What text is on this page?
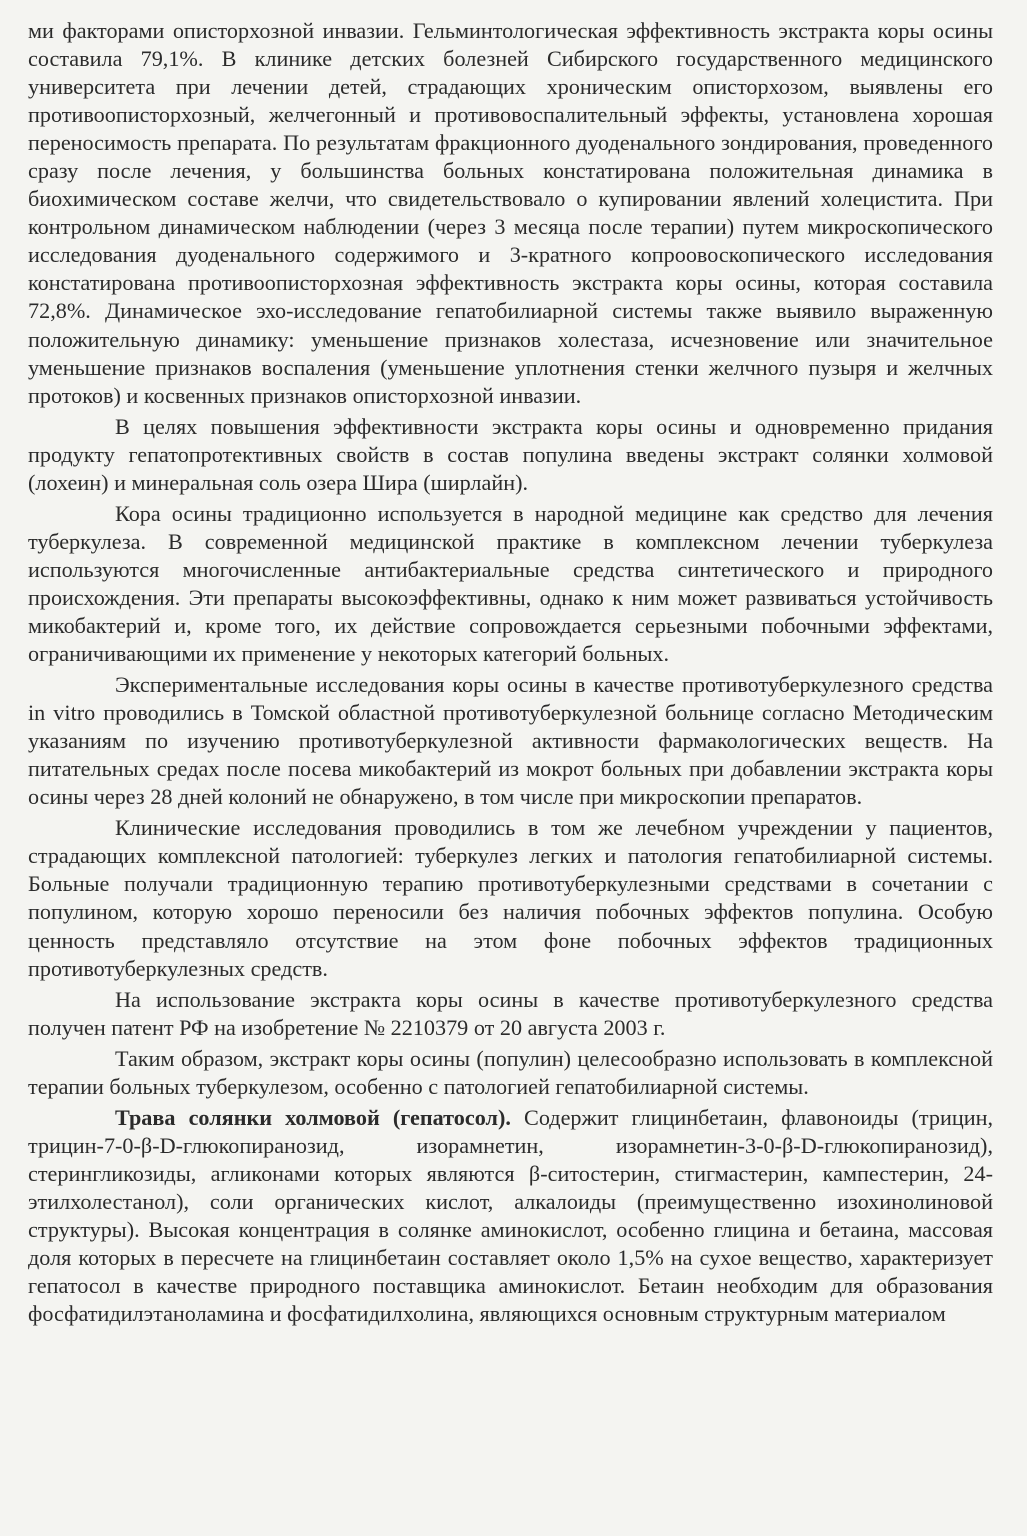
ми факторами описторхозной инвазии. Гельминтологическая эффективность экстракта коры осины составила 79,1%. В клинике детских болезней Сибирского государственного медицинского университета при лечении детей, страдающих хроническим описторхозом, выявлены его противоописторхозный, желчегонный и противовоспалительный эффекты, установлена хорошая переносимость препарата. По результатам фракционного дуоденального зондирования, проведенного сразу после лечения, у большинства больных констатирована положительная динамика в биохимическом составе желчи, что свидетельствовало о купировании явлений холецистита. При контрольном динамическом наблюдении (через 3 месяца после терапии) путем микроскопического исследования дуоденального содержимого и 3-кратного копроовоскопического исследования констатирована противоописторхозная эффективность экстракта коры осины, которая составила 72,8%. Динамическое эхо-исследование гепатобилиарной системы также выявило выраженную положительную динамику: уменьшение признаков холестаза, исчезновение или значительное уменьшение признаков воспаления (уменьшение уплотнения стенки желчного пузыря и желчных протоков) и косвенных признаков описторхозной инвазии.

В целях повышения эффективности экстракта коры осины и одновременно придания продукту гепатопротективных свойств в состав популина введены экстракт солянки холмовой (лохеин) и минеральная соль озера Шира (ширлайн).

Кора осины традиционно используется в народной медицине как средство для лечения туберкулеза. В современной медицинской практике в комплексном лечении туберкулеза используются многочисленные антибактериальные средства синтетического и природного происхождения. Эти препараты высокоэффективны, однако к ним может развиваться устойчивость микобактерий и, кроме того, их действие сопровождается серьезными побочными эффектами, ограничивающими их применение у некоторых категорий больных.

Экспериментальные исследования коры осины в качестве противотуберкулезного средства in vitro проводились в Томской областной противотуберкулезной больнице согласно Методическим указаниям по изучению противотуберкулезной активности фармакологических веществ. На питательных средах после посева микобактерий из мокрот больных при добавлении экстракта коры осины через 28 дней колоний не обнаружено, в том числе при микроскопии препаратов.

Клинические исследования проводились в том же лечебном учреждении у пациентов, страдающих комплексной патологией: туберкулез легких и патология гепатобилиарной системы. Больные получали традиционную терапию противотуберкулезными средствами в сочетании с популином, которую хорошо переносили без наличия побочных эффектов популина. Особую ценность представляло отсутствие на этом фоне побочных эффектов традиционных противотуберкулезных средств.

На использование экстракта коры осины в качестве противотуберкулезного средства получен патент РФ на изобретение № 2210379 от 20 августа 2003 г.

Таким образом, экстракт коры осины (популин) целесообразно использовать в комплексной терапии больных туберкулезом, особенно с патологией гепатобилиарной системы.

Трава солянки холмовой (гепатосол). Содержит глицинбетаин, флавоноиды (трицин, трицин-7-0-β-D-глюкопиранозид, изорамнетин, изорамнетин-3-0-β-D-глюкопиранозид), стерингликозиды, агликонами которых являются β-ситостерин, стигмастерин, кампестерин, 24-этилхолестанол), соли органических кислот, алкалоиды (преимущественно изохинолиновой структуры). Высокая концентрация в солянке аминокислот, особенно глицина и бетаина, массовая доля которых в пересчете на глицинбетаин составляет около 1,5% на сухое вещество, характеризует гепатосол в качестве природного поставщика аминокислот. Бетаин необходим для образования фосфатидилэтаноламина и фосфатидилхолина, являющихся основным структурным материалом
